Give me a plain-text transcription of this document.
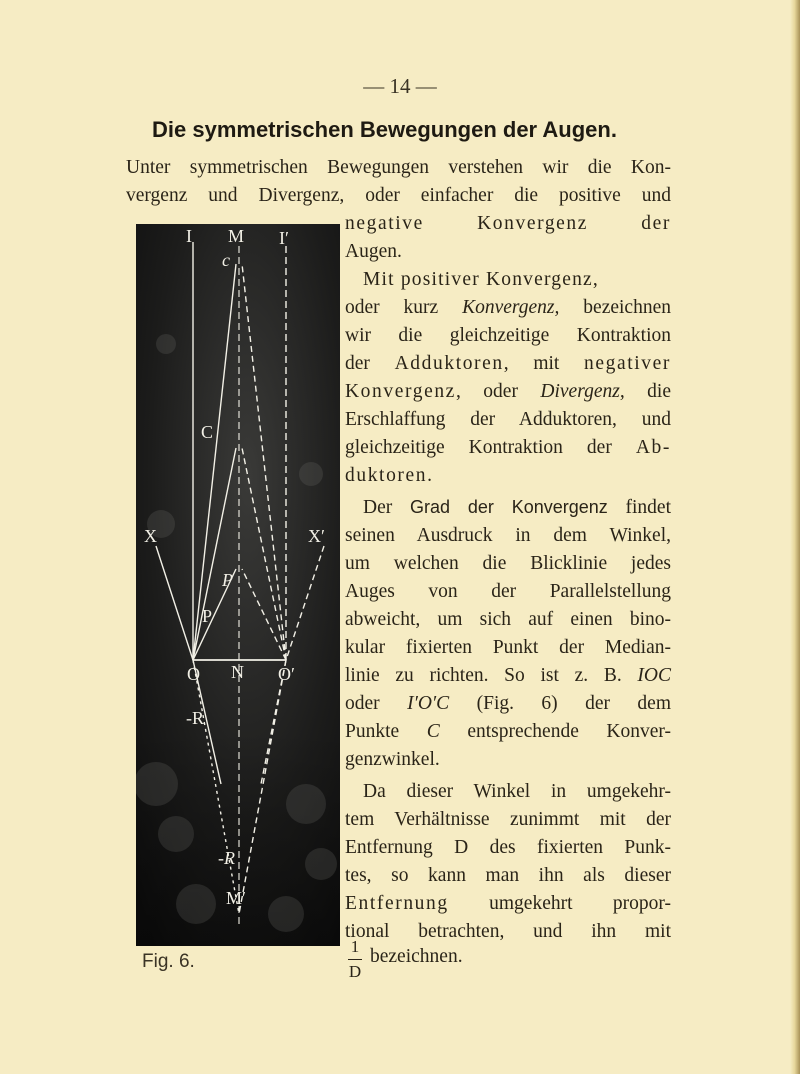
— 14 —
Die symmetrischen Bewegungen der Augen.
Unter symmetrischen Bewegungen verstehen wir die Kon-
vergenz und Divergenz, oder einfacher die positive und
negative Konvergenz der
Augen.
Mit positiver Konvergenz,
oder kurz Konvergenz, bezeichnen
wir die gleichzeitige Kontraktion
der Adduktoren, mit negativer
Konvergenz, oder Divergenz, die
Erschlaffung der Adduktoren, und
gleichzeitige Kontraktion der Ab-
duktoren.
Der Grad der Konvergenz findet
seinen Ausdruck in dem Winkel,
um welchen die Blicklinie jedes
Auges von der Parallelstellung
abweicht, um sich auf einen bino-
kular fixierten Punkt der Median-
linie zu richten. So ist z. B. IOC
oder I′O′C (Fig. 6) der dem
Punkte C entsprechende Konver-
genzwinkel.
Da dieser Winkel in umgekehr-
tem Verhältnisse zunimmt mit der
Entfernung D des fixierten Punk-
tes, so kann man ihn als dieser
Entfernung umgekehrt propor-
tional betrachten, und ihn mit
1
D
bezeichnen.
I M I′
c
C
X	X′
P
P
O N O′
-R
-R
M′
Fig. 6.
